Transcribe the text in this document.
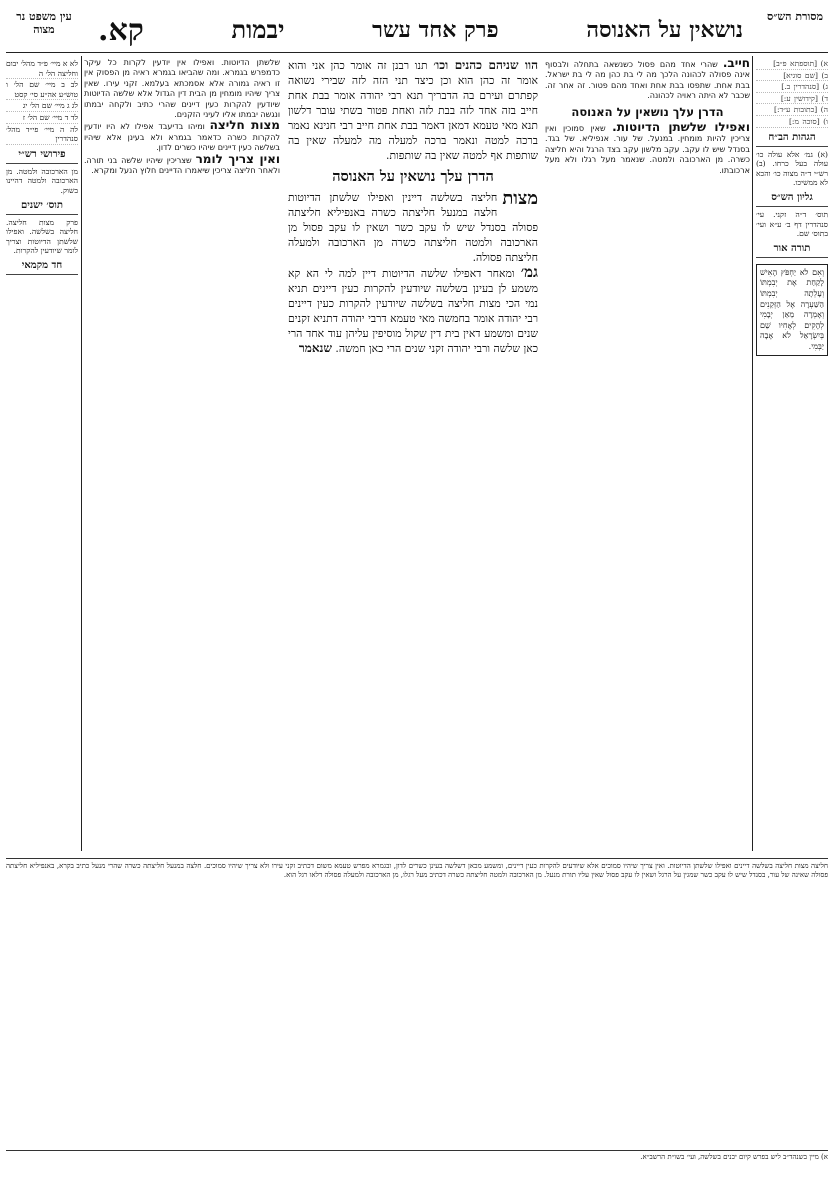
מסורת הש״ס
נושאין על האנוסה
פרק אחד עשר
יבמות
קא.
עין משפט נר מצוה
א) [תוספתא פ״ב]
ב) [שם סוגיא]
ג) [סנהדרין ב.]
ד) [קידושין ע:]
ה) [כתובות ע״ד:]
ו) [סוכה מ:]
הגהות הב״ח
(א) גמ׳ אלא עולה כו׳ עולה בעל כרחו. (ב) רש״י ד״ה מצוה כו׳ והכא לא ממשיכו.
גליון הש״ס
תוס׳ ד״ה זקני. עי׳ סנהדרין דף ב׳ ע״א ועי׳ בתוס׳ שם.
תורה אור
וְאִם לֹא יַחְפֹּץ הָאִישׁ לָקַחַת אֶת יְבִמְתּוֹ וְעָלְתָה יְבִמְתּוֹ הַשַּׁעְרָה אֶל הַזְּקֵנִים וְאָמְרָה מֵאֵן יְבָמִי לְהָקִים לְאָחִיו שֵׁם בְּיִשְׂרָאֵל לֹא אָבָה יַבְּמִי.
חייב. שהרי אחד מהם פסול כשנשאה בתחלה ולבסוף אינה פסולה לכהונה הלכך מה לי בת כהן מה לי בת ישראל. בבת אחת. שתפסו בבת אחת ואחד מהם פטור. זה אחר זה. שכבר לא היתה ראויה לכהונה.
הדרן עלך נושאין על האנוסה
ואפילו שלשתן הדיוטות. שאין סמוכין ואין צריכין להיות מומחין. במנעל. של עור. אנפיליא. של בגד. בסנדל שיש לו עקב. עקב מלשון עקב בצד הרגל והיא חליצה כשרה. מן הארכובה ולמטה. שנאמר מעל רגלו ולא מעל ארכובתו.
הוו שניהם כהנים וכו׳ תנו רבנן זה אומר כהן אני והוא אומר זה כהן הוא וכן כיצד תני הזה לזה שבירי נשואה קפתרם ועירם בה הדבריך תנא רבי יהודה אומר בבת אחת חייב בזה אחד לזה בבת לזה ואחת פטור בשתי עובר דלשון תנא מאי טעמא דמאן דאמר בבת אחת חייב רבי חנינא נאמר ברכה למטה ונאמר ברכה למעלה מה למעלה שאין בה שותפות אף למטה שאין בה שותפות.
הדרן עלך נושאין על האנוסה
מצות
חליצה בשלשה דיינין ואפילו שלשתן הדיוטות חלצה במנעל חליצתה כשרה באנפיליא חליצתה פסולה בסנדל שיש לו עקב כשר ושאין לו עקב פסול מן הארכובה ולמטה חליצתה כשרה מן הארכובה ולמעלה חליצתה פסולה.
גמ׳ ומאחר דאפילו שלשה הדיוטות דיין למה לי הא קא משמע לן בעינן בשלשה שיודעין להקרות כעין דיינים תניא נמי הכי מצות חליצה בשלשה שיודעין להקרות כעין דיינים רבי יהודה אומר בחמשה מאי טעמא דרבי יהודה דתניא זקנים שנים ומשמע דאין בית דין שקול מוסיפין עליהן עוד אחד הרי כאן שלשה ורבי יהודה זקני שנים הרי כאן חמשה. שנאמר
שלשתן הדיוטות. ואפילו אין יודעין לקרות כל עיקר כדמפרש בגמרא. ומה שהביאו בגמרא ראיה מן הפסוק אין זו ראיה גמורה אלא אסמכתא בעלמא. זקני עירו. שאין צריך שיהיו מומחין מן הבית דין הגדול אלא שלשה הדיוטות שיודעין להקרות כעין דיינים שהרי כתיב ולקחה יבמתו ונגשה יבמתו אליו לעיני הזקנים.
מצות חליצה ומיהו בדיעבד אפילו לא היו יודעין להקרות כשרה כדאמר בגמרא ולא בעינן אלא שיהיו בשלשה כעין דיינים שיהיו כשרים לדון.
ואין צריך לומר שצריכין שיהיו שלשה בני תורה. ולאחר חליצה צריכין שיאמרו הדיינים חלוץ הנעל ומקרא.
לא א מיי׳ פ״ד מהל׳ יבום וחליצה הל׳ ה
לב ב מיי׳ שם הל׳ ו טוש״ע אה״ע סי׳ קסט
לג ג מיי׳ שם הל׳ יג
לד ד מיי׳ שם הל׳ ז
לה ה מיי׳ פי״ד מהל׳ סנהדרין
פירושי רש״י
מן הארכובה ולמטה. מן הארכובה ולמטה דהיינו בשוק.
תוס׳ ישנים
פרק מצות חליצה. חליצה בשלשה. ואפילו שלשתן הדיוטות וצריך לומר שיודעין להקרות.
חד מקמאי
חליצה מצות חליצה בשלשה דיינים ואפילו שלשתן הדיוטות. ואין צריך שיהיו סמוכים אלא שיודעים להקרות כעין דיינים, ומשמע מכאן דשלשה בעינן כשרים לדון, ובגמרא מפרש טעמא משום דכתיב זקני עירו ולא צריך שיהיו סמוכים. חלצה במנעל חליצתה כשרה שהרי מנעל כתיב בקרא, באנפיליא חליצתה פסולה שאינה של עור, בסנדל שיש לו עקב כשר שמגין על הרגל ושאין לו עקב פסול שאין עליו תורת מנעל. מן הארכובה ולמטה חליצתה כשרה דכתיב מעל רגלו, מן הארכובה ולמעלה פסולה דלאו רגל הוא.
א) מיין בשנהד״ב ליש בפרש קיום יכנים בשלשה, ועי׳ בשו״ת הרשב״א.
